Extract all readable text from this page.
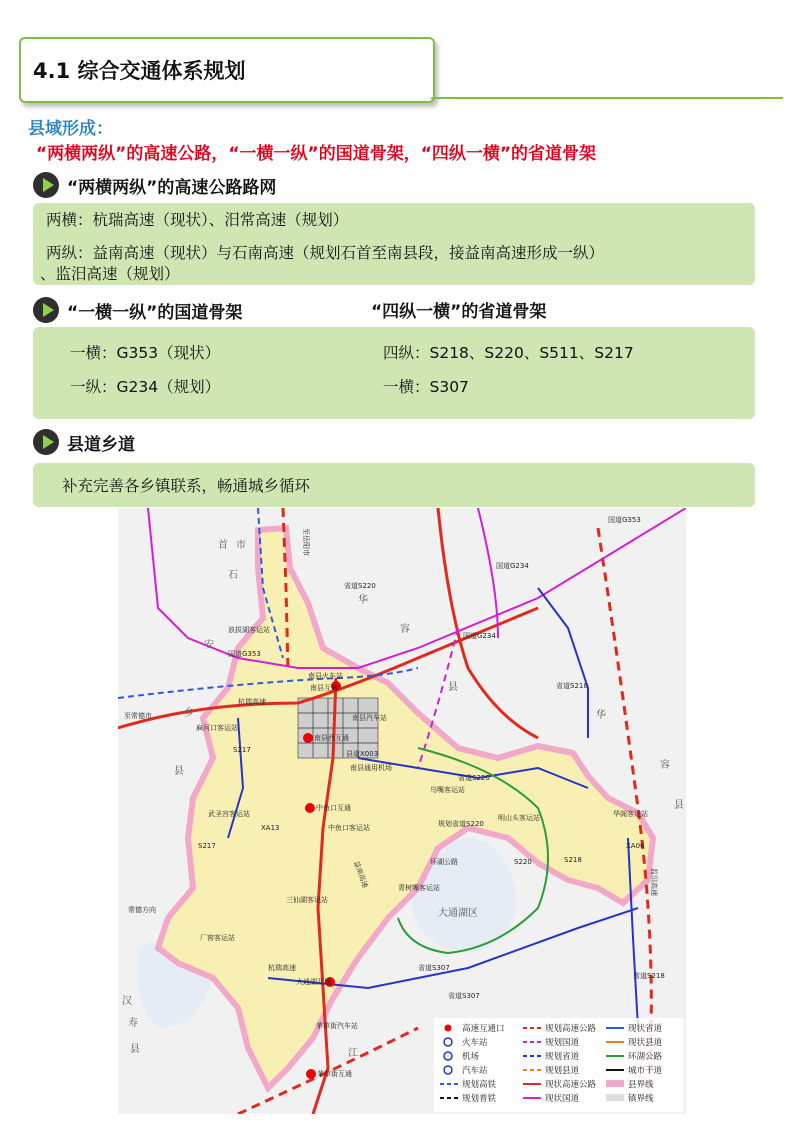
4.1 综合交通体系规划
县域形成：
“两横两纵”的高速公路，“一横一纵”的国道骨架，“四纵一横”的省道骨架
“两横两纵”的高速公路路网
两横：杭瑞高速（现状）、汨常高速（规划）
两纵：益南高速（现状）与石南高速（规划石首至南县段，接益南高速形成一纵）
、监汨高速（规划）
“一横一纵”的国道骨架	“四纵一横”的省道骨架
一横：G353（现状）
一纵：G234（规划）
四纵：S218、S220、S511、S217
一横：S307
县道乡道
补充完善各乡镇联系，畅通城乡循环
南县火车站
南县互通
南县西互通
中鱼口互通
大通湖互通
茅草街互通
浪拔湖客运站
麻河口客运站
武圣宫客运站
南县通用机场
乌嘴客运站
明山头客运站	华阁客运站
青树嘴客运站
三仙湖客运站
厂窖客运站
茅草街汽车站
南县汽车站
中鱼口客运站
国道G353
国道G353
国道G234
国道G234
省道S220
省道S218
S218
省道S218
省道S220
S220
S217
S217
省道S307
省道S307
杭瑞高速
杭瑞高速
XA13
XA06
县道X003
规划省道S220
环湖公路
监汨高速
益南高速
至常德市
常德方向
至岳阳市
首 市
石
安
乡
县
华
容
县
华
容
县
汉
寿
县	江
大通湖区
高速互通口
火车站
机场
汽车站
规划高铁
规划普铁
规划高速公路
规划国道
规划省道
规划县道
现状高速公路
现状国道
现状省道
现状县道
环湖公路
城市干道
县界线
镇界线
